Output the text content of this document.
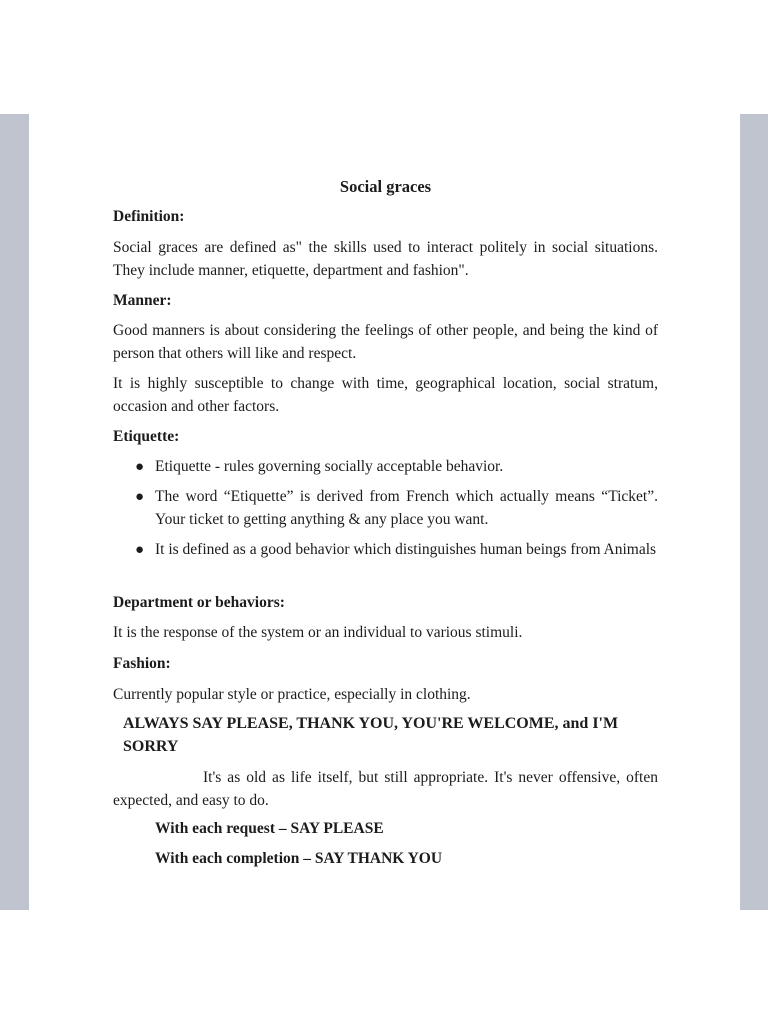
Social graces

Definition:

Social graces are defined as" the skills used to interact politely in social situations. They include manner, etiquette, department and fashion".

Manner:

Good manners is about considering the feelings of other people, and being the kind of person that others will like and respect.

It is highly susceptible to change with time, geographical location, social stratum, occasion and other factors.

Etiquette:

● Etiquette - rules governing socially acceptable behavior.
● The word “Etiquette” is derived from French which actually means “Ticket”. Your ticket to getting anything & any place you want.
● It is defined as a good behavior which distinguishes human beings from Animals

Department or behaviors:

It is the response of the system or an individual to various stimuli.

Fashion:

Currently popular style or practice, especially in clothing.

ALWAYS SAY PLEASE, THANK YOU, YOU'RE WELCOME, and I'M SORRY

It's as old as life itself, but still appropriate. It's never offensive, often expected, and easy to do.

With each request – SAY PLEASE

With each completion – SAY THANK YOU
